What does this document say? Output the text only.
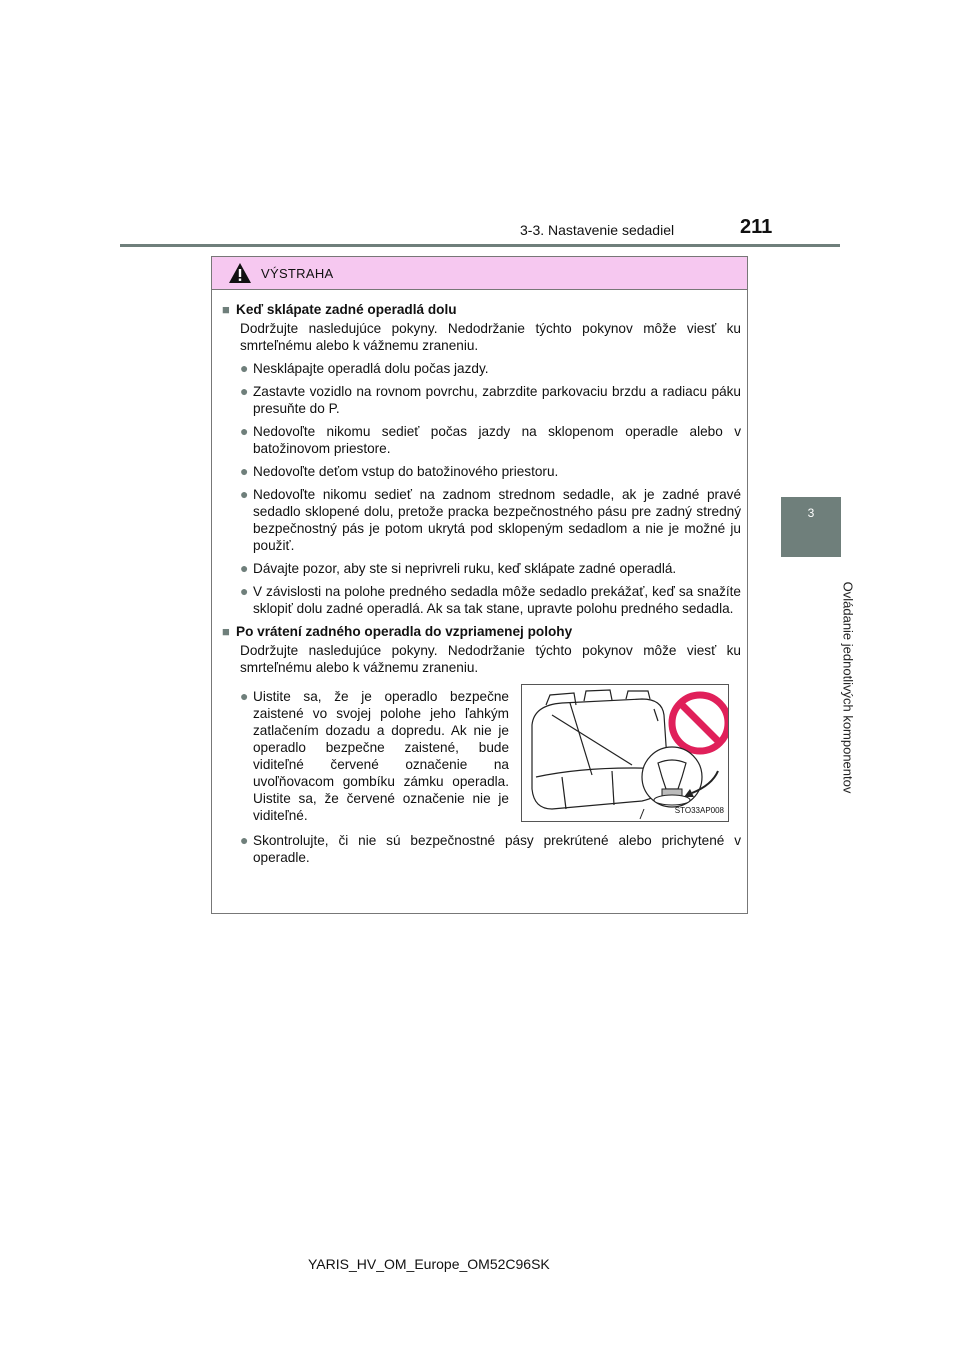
3-3. Nastavenie sedadiel	211
3
Ovládanie jednotlivých komponentov
VÝSTRAHA
■ Keď sklápate zadné operadlá dolu
Dodržujte nasledujúce pokyny. Nedodržanie týchto pokynov môže viesť ku smrteľnému alebo k vážnemu zraneniu.
● Nesklápajte operadlá dolu počas jazdy.
● Zastavte vozidlo na rovnom povrchu, zabrzdite parkovaciu brzdu a radiacu páku presuňte do P.
● Nedovoľte nikomu sedieť počas jazdy na sklopenom operadle alebo v batožinovom priestore.
● Nedovoľte deťom vstup do batožinového priestoru.
● Nedovoľte nikomu sedieť na zadnom strednom sedadle, ak je zadné pravé sedadlo sklopené dolu, pretože pracka bezpečnostného pásu pre zadný stredný bezpečnostný pás je potom ukrytá pod sklopeným sedadlom a nie je možné ju použiť.
● Dávajte pozor, aby ste si neprivreli ruku, keď sklápate zadné operadlá.
● V závislosti na polohe predného sedadla môže sedadlo prekážať, keď sa snažíte sklopiť dolu zadné operadlá. Ak sa tak stane, upravte polohu predného sedadla.
■ Po vrátení zadného operadla do vzpriamenej polohy
Dodržujte nasledujúce pokyny. Nedodržanie týchto pokynov môže viesť ku smrteľnému alebo k vážnemu zraneniu.
● Uistite sa, že je operadlo bezpečne zaistené vo svojej polohe jeho ľahkým zatlačením dozadu a dopredu. Ak nie je operadlo bezpečne zaistené, bude viditeľné červené označenie na uvoľňovacom gombíku zámku operadla. Uistite sa, že červené označenie nie je viditeľné.	STO33AP008
● Skontrolujte, či nie sú bezpečnostné pásy prekrútené alebo prichytené v operadle.
YARIS_HV_OM_Europe_OM52C96SK
